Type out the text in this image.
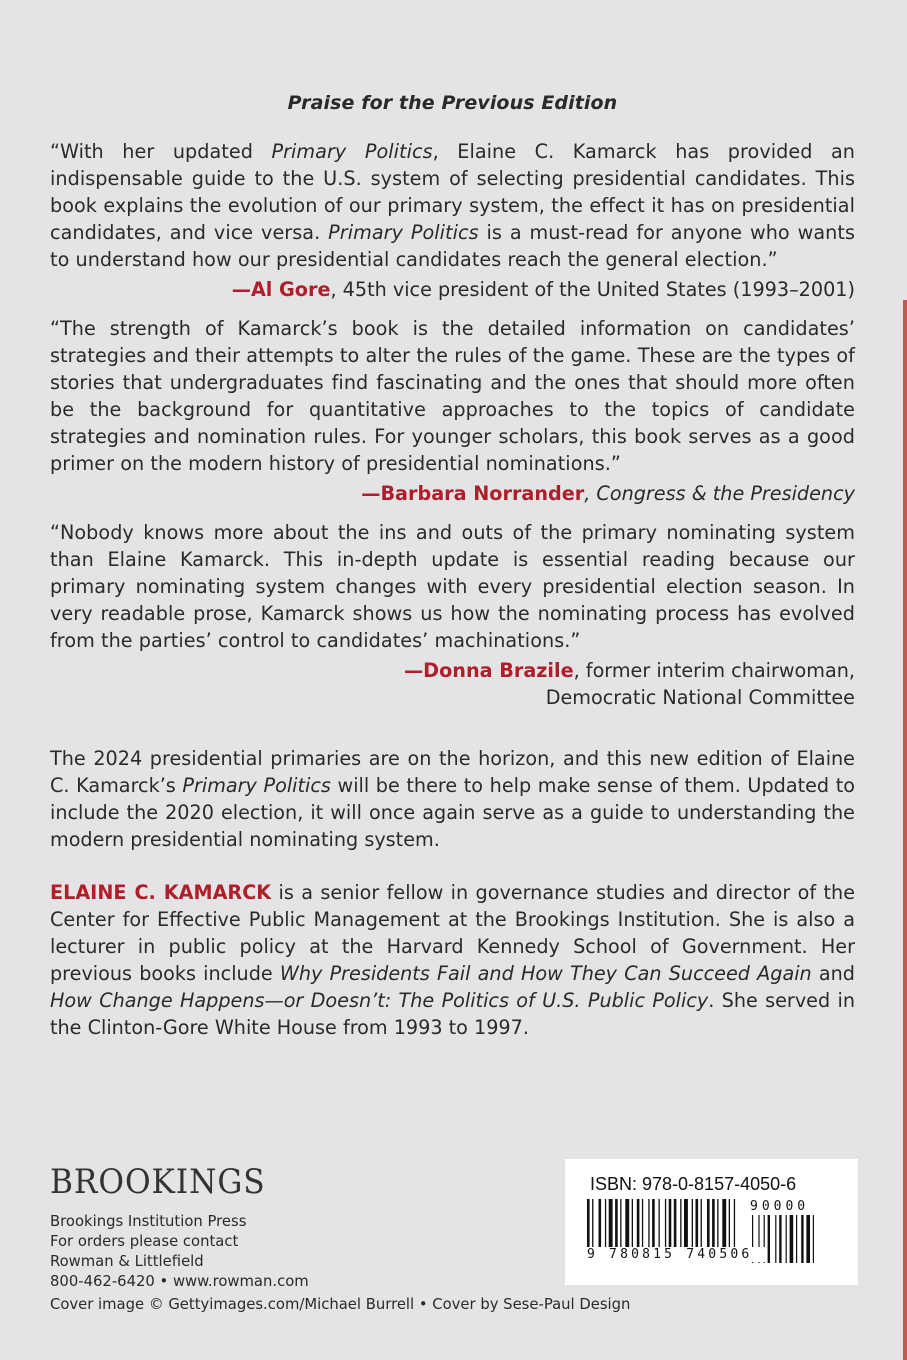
Praise for the Previous Edition

“With her updated Primary Politics, Elaine C. Kamarck has provided an indispensable guide to the U.S. system of selecting presidential candidates. This book explains the evolution of our primary system, the effect it has on presidential candidates, and vice versa. Primary Politics is a must-read for anyone who wants to understand how our presidential candidates reach the general election.”

—Al Gore, 45th vice president of the United States (1993–2001)

“The strength of Kamarck’s book is the detailed information on candidates’ strategies and their attempts to alter the rules of the game. These are the types of stories that undergraduates find fascinating and the ones that should more often be the background for quantitative approaches to the topics of candidate strategies and nomination rules. For younger scholars, this book serves as a good primer on the modern history of presidential nominations.”

—Barbara Norrander, Congress & the Presidency

“Nobody knows more about the ins and outs of the primary nominating system than Elaine Kamarck. This in-depth update is essential reading because our primary nominating system changes with every presidential election season. In very readable prose, Kamarck shows us how the nominating process has evolved from the parties’ control to candidates’ machinations.”

—Donna Brazile, former interim chairwoman,
Democratic National Committee

The 2024 presidential primaries are on the horizon, and this new edition of Elaine C. Kamarck’s Primary Politics will be there to help make sense of them. Updated to include the 2020 election, it will once again serve as a guide to understanding the modern presidential nominating system.

ELAINE C. KAMARCK is a senior fellow in governance studies and director of the Center for Effective Public Management at the Brookings Institution. She is also a lecturer in public policy at the Harvard Kennedy School of Government. Her previous books include Why Presidents Fail and How They Can Succeed Again and How Change Happens—or Doesn’t: The Politics of U.S. Public Policy. She served in the Clinton-Gore White House from 1993 to 1997.

BROOKINGS
Brookings Institution Press
For orders please contact
Rowman & Littlefield
800-462-6420 • www.rowman.com
Cover image © Gettyimages.com/Michael Burrell • Cover by Sese-Paul Design
ISBN: 978-0-8157-4050-6
90000
9 780815 740506
